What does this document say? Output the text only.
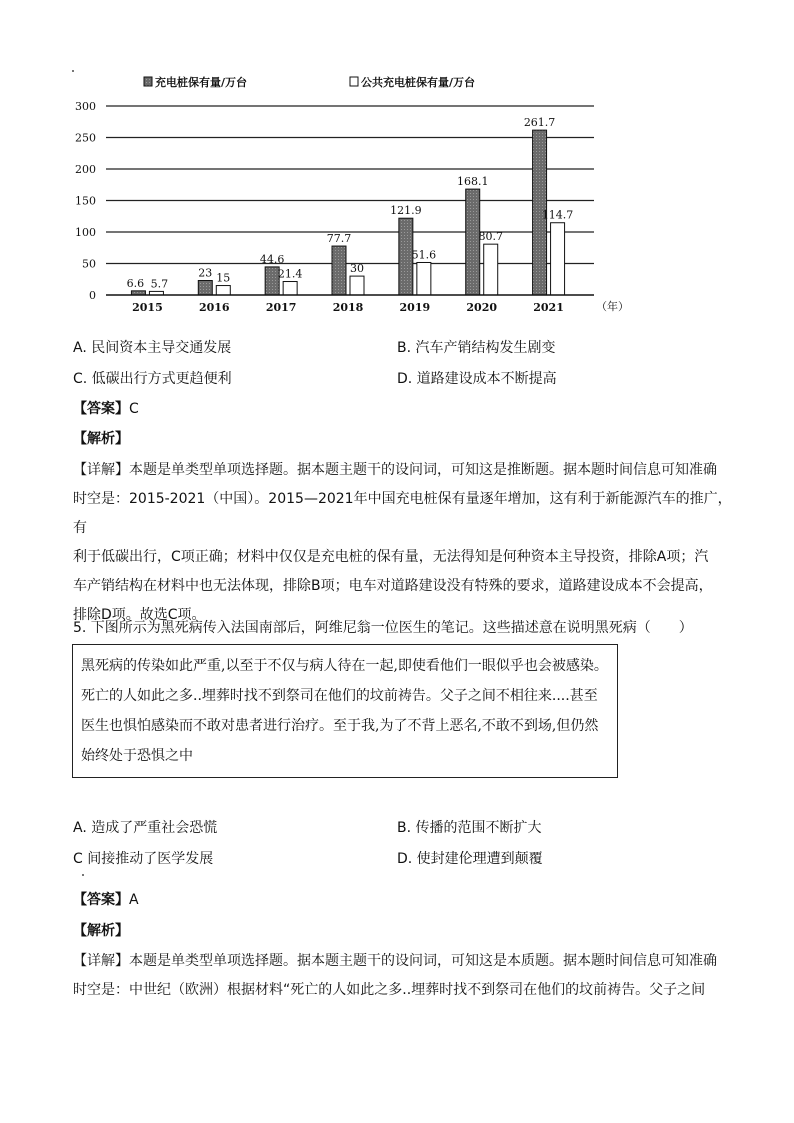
0
50
100
150
200
250
300
充电桩保有量/万台	公共充电桩保有量/万台
6.6 5.7
2015
23 15
2016
44.6
21.4
2017
77.7
30
2018
121.9
51.6
2019
168.1
80.7
2020
261.7
114.7
2021	（年）
A. 民间资本主导交通发展	B. 汽车产销结构发生剧变
C. 低碳出行方式更趋便利	D. 道路建设成本不断提高
【答案】C
【解析】
【详解】本题是单类型单项选择题。据本题主题干的设问词，可知这是推断题。据本题时间信息可知准确
时空是：2015-2021（中国）。2015—2021年中国充电桩保有量逐年增加，这有利于新能源汽车的推广，有
利于低碳出行，C项正确；材料中仅仅是充电桩的保有量，无法得知是何种资本主导投资，排除A项；汽
车产销结构在材料中也无法体现，排除B项；电车对道路建设没有特殊的要求，道路建设成本不会提高，
排除D项。故选C项。
5. 下图所示为黑死病传入法国南部后，阿维尼翁一位医生的笔记。这些描述意在说明黑死病（　　）
黑死病的传染如此严重,以至于不仅与病人待在一起,即使看他们一眼似乎也会被感染。
死亡的人如此之多..埋葬时找不到祭司在他们的坟前祷告。父子之间不相往来....甚至
医生也惧怕感染而不敢对患者进行治疗。至于我,为了不背上恶名,不敢不到场,但仍然
始终处于恐惧之中
A. 造成了严重社会恐慌	B. 传播的范围不断扩大
C 间接推动了医学发展	D. 使封建伦理遭到颠覆
【答案】A
【解析】
【详解】本题是单类型单项选择题。据本题主题干的设问词，可知这是本质题。据本题时间信息可知准确
时空是：中世纪（欧洲）根据材料“死亡的人如此之多..埋葬时找不到祭司在他们的坟前祷告。父子之间
